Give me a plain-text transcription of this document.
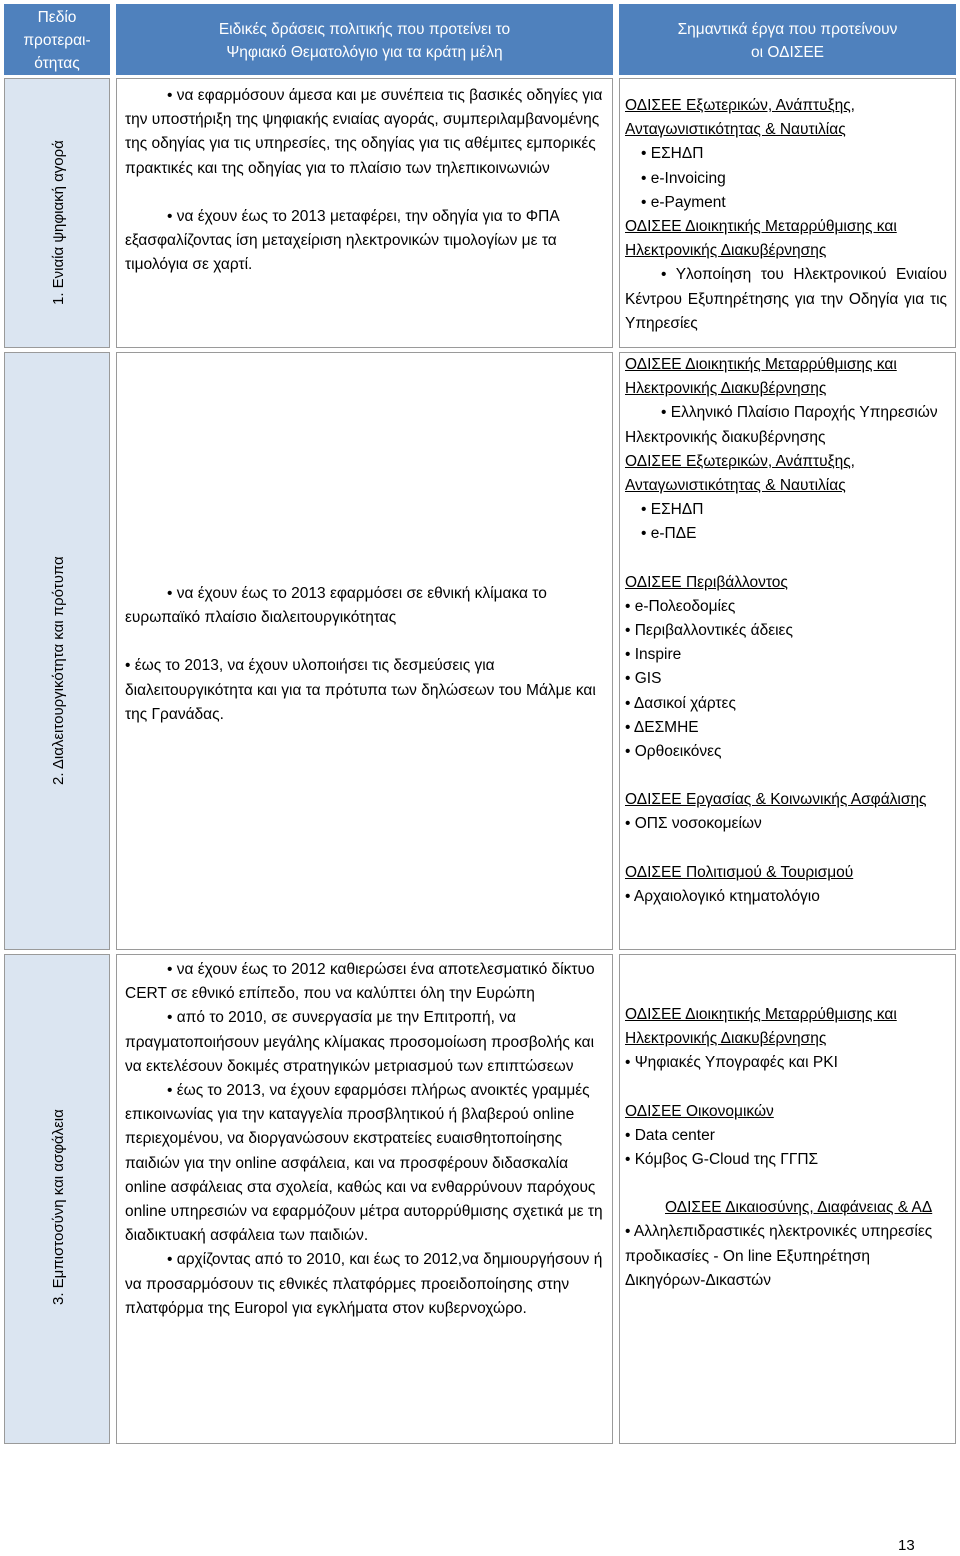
Πεδίο
προτεραι-
ότητας
Ειδικές δράσεις πολιτικής που προτείνει το
Ψηφιακό Θεματολόγιο για τα κράτη μέλη
Σημαντικά έργα που προτείνουν
οι ΟΔΙΣΕΕ
1. Ενιαία ψηφιακή αγορά
2. Διαλειτουργικότητα και πρότυπα
3. Εμπιστοσύνη και ασφάλεια
• να εφαρμόσουν άμεσα και με συνέπεια τις βασικές οδηγίες για την υποστήριξη της ψηφιακής ενιαίας αγοράς, συμπεριλαμβανομένης της οδηγίας για τις υπηρεσίες, της οδηγίας για τις αθέμιτες εμπορικές πρακτικές και της οδηγίας για το πλαίσιο των τηλεπικοινωνιών
• να έχουν έως το 2013 μεταφέρει, την οδηγία για το ΦΠΑ εξασφαλίζοντας ίση μεταχείριση ηλεκτρονικών τιμολογίων με τα τιμολόγια σε χαρτί.
ΟΔΙΣΕΕ Εξωτερικών, Ανάπτυξης, Ανταγωνιστικότητας & Ναυτιλίας
• ΕΣΗΔΠ
• e-Invoicing
• e-Payment
ΟΔΙΣΕΕ Διοικητικής Μεταρρύθμισης και Ηλεκτρονικής Διακυβέρνησης
• Υλοποίηση του Ηλεκτρονικού Ενιαίου Κέντρου Εξυπηρέτησης για την Οδηγία για τις Υπηρεσίες
• να έχουν έως το 2013 εφαρμόσει σε εθνική κλίμακα το ευρωπαϊκό πλαίσιο διαλειτουργικότητας
• έως το 2013, να έχουν υλοποιήσει τις δεσμεύσεις για διαλειτουργικότητα και για τα πρότυπα των δηλώσεων του Μάλμε και της Γρανάδας.
ΟΔΙΣΕΕ Διοικητικής Μεταρρύθμισης και Ηλεκτρονικής Διακυβέρνησης
• Ελληνικό Πλαίσιο Παροχής Υπηρεσιών Ηλεκτρονικής διακυβέρνησης
ΟΔΙΣΕΕ Εξωτερικών, Ανάπτυξης, Ανταγωνιστικότητας & Ναυτιλίας
• ΕΣΗΔΠ
• e-ΠΔΕ
ΟΔΙΣΕΕ Περιβάλλοντος
• e-Πολεοδομίες
• Περιβαλλοντικές άδειες
• Inspire
• GIS
• Δασικοί χάρτες
• ΔΕΣΜΗΕ
• Ορθοεικόνες
ΟΔΙΣΕΕ Εργασίας & Κοινωνικής Ασφάλισης
• ΟΠΣ νοσοκομείων
ΟΔΙΣΕΕ Πολιτισμού & Τουρισμού
• Αρχαιολογικό κτηματολόγιο
• να έχουν έως το 2012 καθιερώσει ένα αποτελεσματικό δίκτυο CERT σε εθνικό επίπεδο, που να καλύπτει όλη την Ευρώπη
• από το 2010, σε συνεργασία με την Επιτροπή, να πραγματοποιήσουν μεγάλης κλίμακας προσομοίωση προσβολής και να εκτελέσουν δοκιμές στρατηγικών μετριασμού των επιπτώσεων
• έως το 2013, να έχουν εφαρμόσει πλήρως ανοικτές γραμμές επικοινωνίας για την καταγγελία προσβλητικού ή βλαβερού online περιεχομένου, να διοργανώσουν εκστρατείες ευαισθητοποίησης παιδιών για την online ασφάλεια, και να προσφέρουν διδασκαλία online ασφάλειας στα σχολεία, καθώς και να ενθαρρύνουν παρόχους online υπηρεσιών να εφαρμόζουν μέτρα αυτορρύθμισης σχετικά με τη διαδικτυακή ασφάλεια των παιδιών.
• αρχίζοντας από το 2010, και έως το 2012,να δημιουργήσουν ή να προσαρμόσουν τις εθνικές πλατφόρμες προειδοποίησης στην πλατφόρμα της Europol για εγκλήματα στον κυβερνοχώρο.
ΟΔΙΣΕΕ Διοικητικής Μεταρρύθμισης και Ηλεκτρονικής Διακυβέρνησης
• Ψηφιακές Υπογραφές και PKI
ΟΔΙΣΕΕ Οικονομικών
• Data center
• Κόμβος G-Cloud της ΓΓΠΣ
ΟΔΙΣΕΕ Δικαιοσύνης, Διαφάνειας & ΑΔ
• Αλληλεπιδραστικές ηλεκτρονικές υπηρεσίες προδικασίες - On line Εξυπηρέτηση Δικηγόρων-Δικαστών
13
